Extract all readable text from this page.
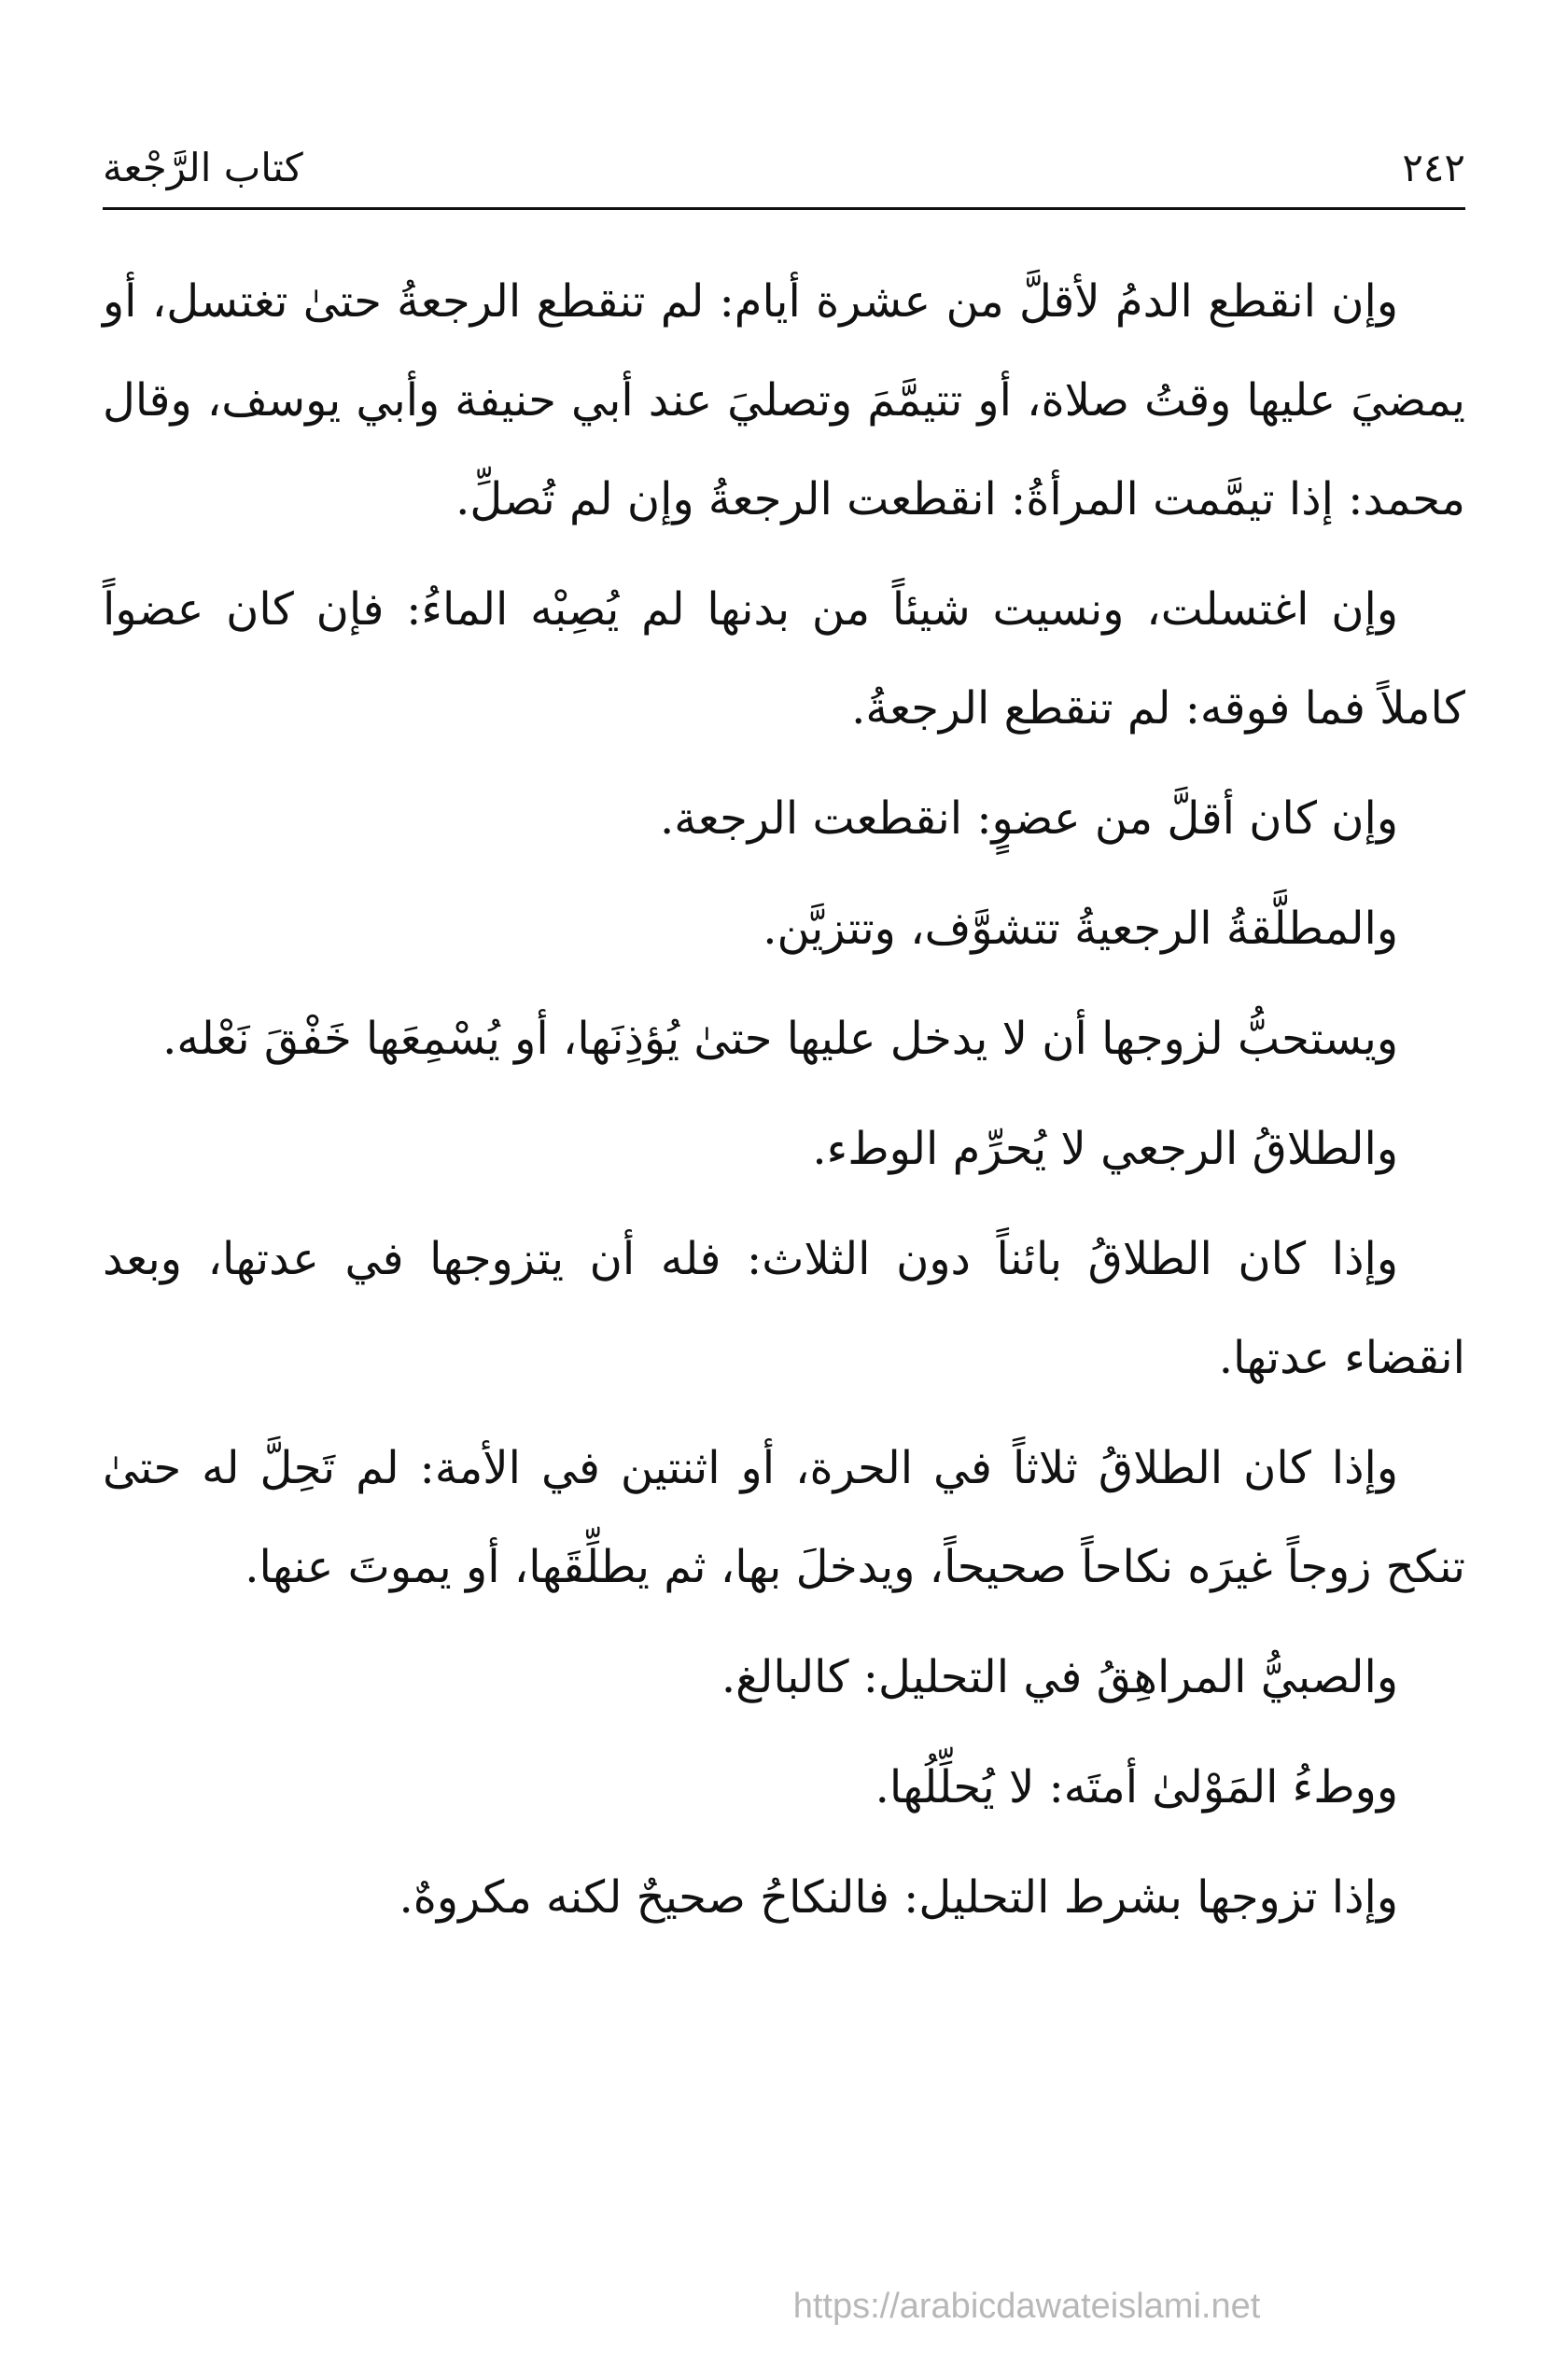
٢٤٢
كتاب الرَّجْعة

وإن انقطع الدمُ لأقلَّ من عشرة أيام: لم تنقطع الرجعةُ حتىٰ تغتسل، أو يمضيَ عليها وقتُ صلاة، أو تتيمَّمَ وتصليَ عند أبي حنيفة وأبي يوسف، وقال محمد: إذا تيمَّمت المرأةُ: انقطعت الرجعةُ وإن لم تُصلِّ.

وإن اغتسلت، ونسيت شيئاً من بدنها لم يُصِبْه الماءُ: فإن كان عضواً كاملاً فما فوقه: لم تنقطع الرجعةُ.

وإن كان أقلَّ من عضوٍ: انقطعت الرجعة.

والمطلَّقةُ الرجعيةُ تتشوَّف، وتتزيَّن.

ويستحبُّ لزوجها أن لا يدخل عليها حتىٰ يُؤذِنَها، أو يُسْمِعَها خَفْقَ نَعْله.

والطلاقُ الرجعي لا يُحرِّم الوطء.

وإذا كان الطلاقُ بائناً دون الثلاث: فله أن يتزوجها في عدتها، وبعد انقضاء عدتها.

وإذا كان الطلاقُ ثلاثاً في الحرة، أو اثنتين في الأمة: لم تَحِلَّ له حتىٰ تنكح زوجاً غيرَه نكاحاً صحيحاً، ويدخلَ بها، ثم يطلِّقَها، أو يموتَ عنها.

والصبيُّ المراهِقُ في التحليل: كالبالغ.

ووطءُ المَوْلىٰ أمتَه: لا يُحلِّلُها.

وإذا تزوجها بشرط التحليل: فالنكاحُ صحيحٌ لكنه مكروهٌ.

https://arabicdawateislami.net
